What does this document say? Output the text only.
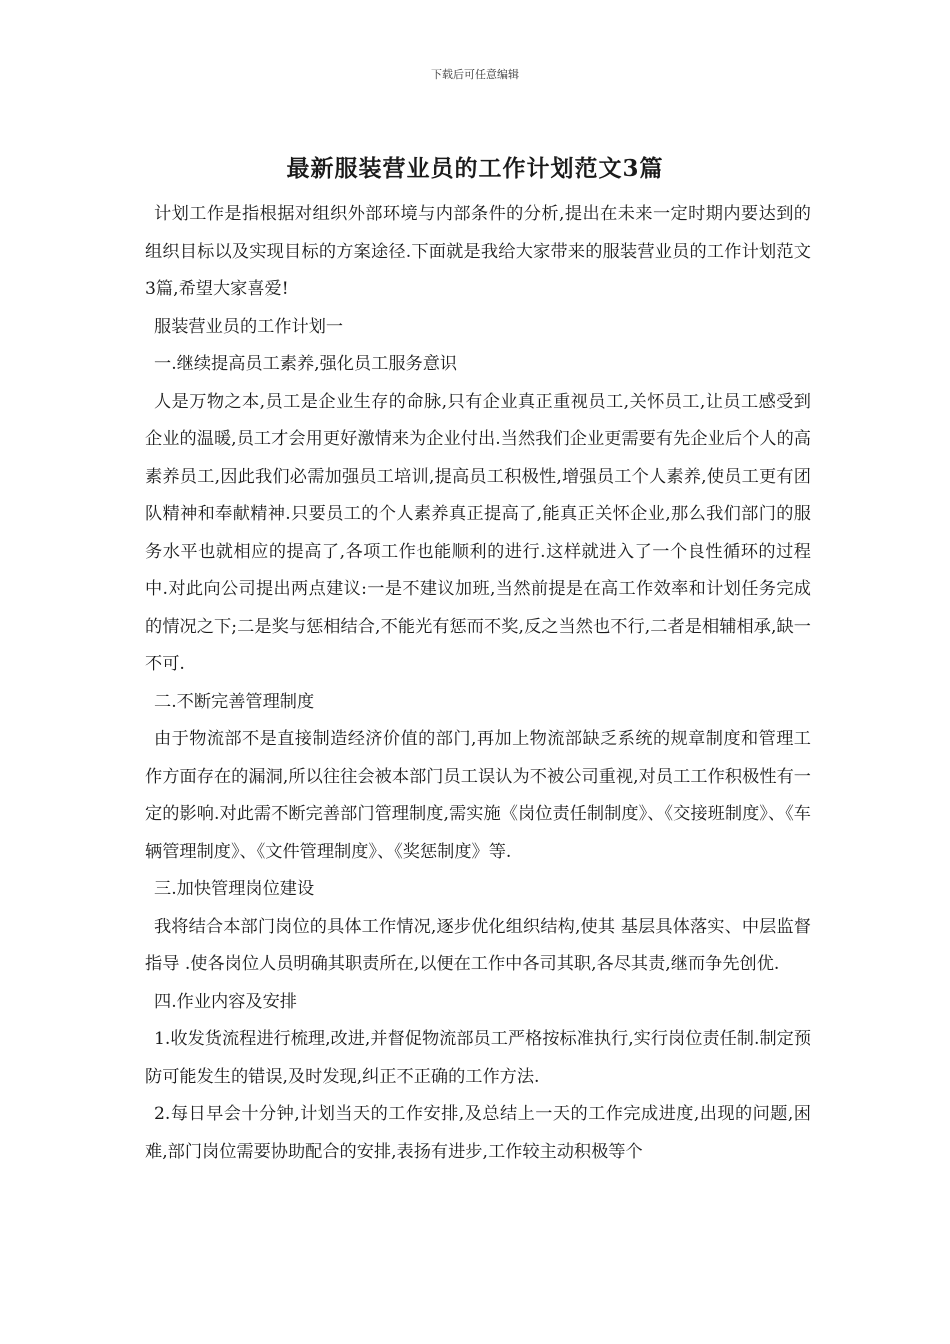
下载后可任意编辑
最新服装营业员的工作计划范文3篇

计划工作是指根据对组织外部环境与内部条件的分析,提出在未来一定时期内要达到的组织目标以及实现目标的方案途径.下面就是我给大家带来的服装营业员的工作计划范文3篇,希望大家喜爱!

服装营业员的工作计划一

一.继续提高员工素养,强化员工服务意识

人是万物之本,员工是企业生存的命脉,只有企业真正重视员工,关怀员工,让员工感受到企业的温暖,员工才会用更好激情来为企业付出.当然我们企业更需要有先企业后个人的高素养员工,因此我们必需加强员工培训,提高员工积极性,增强员工个人素养,使员工更有团队精神和奉献精神.只要员工的个人素养真正提高了,能真正关怀企业,那么我们部门的服务水平也就相应的提高了,各项工作也能顺利的进行.这样就进入了一个良性循环的过程中.对此向公司提出两点建议:一是不建议加班,当然前提是在高工作效率和计划任务完成的情况之下;二是奖与惩相结合,不能光有惩而不奖,反之当然也不行,二者是相辅相承,缺一不可.

二.不断完善管理制度

由于物流部不是直接制造经济价值的部门,再加上物流部缺乏系统的规章制度和管理工作方面存在的漏洞,所以往往会被本部门员工误认为不被公司重视,对员工工作积极性有一定的影响.对此需不断完善部门管理制度,需实施《岗位责任制制度》、《交接班制度》、《车辆管理制度》、《文件管理制度》、《奖惩制度》等.

三.加快管理岗位建设

我将结合本部门岗位的具体工作情况,逐步优化组织结构,使其 基层具体落实、中层监督指导 .使各岗位人员明确其职责所在,以便在工作中各司其职,各尽其责,继而争先创优.

四.作业内容及安排

1.收发货流程进行梳理,改进,并督促物流部员工严格按标准执行,实行岗位责任制.制定预防可能发生的错误,及时发现,纠正不正确的工作方法.

2.每日早会十分钟,计划当天的工作安排,及总结上一天的工作完成进度,出现的问题,困难,部门岗位需要协助配合的安排,表扬有进步,工作较主动积极等个
